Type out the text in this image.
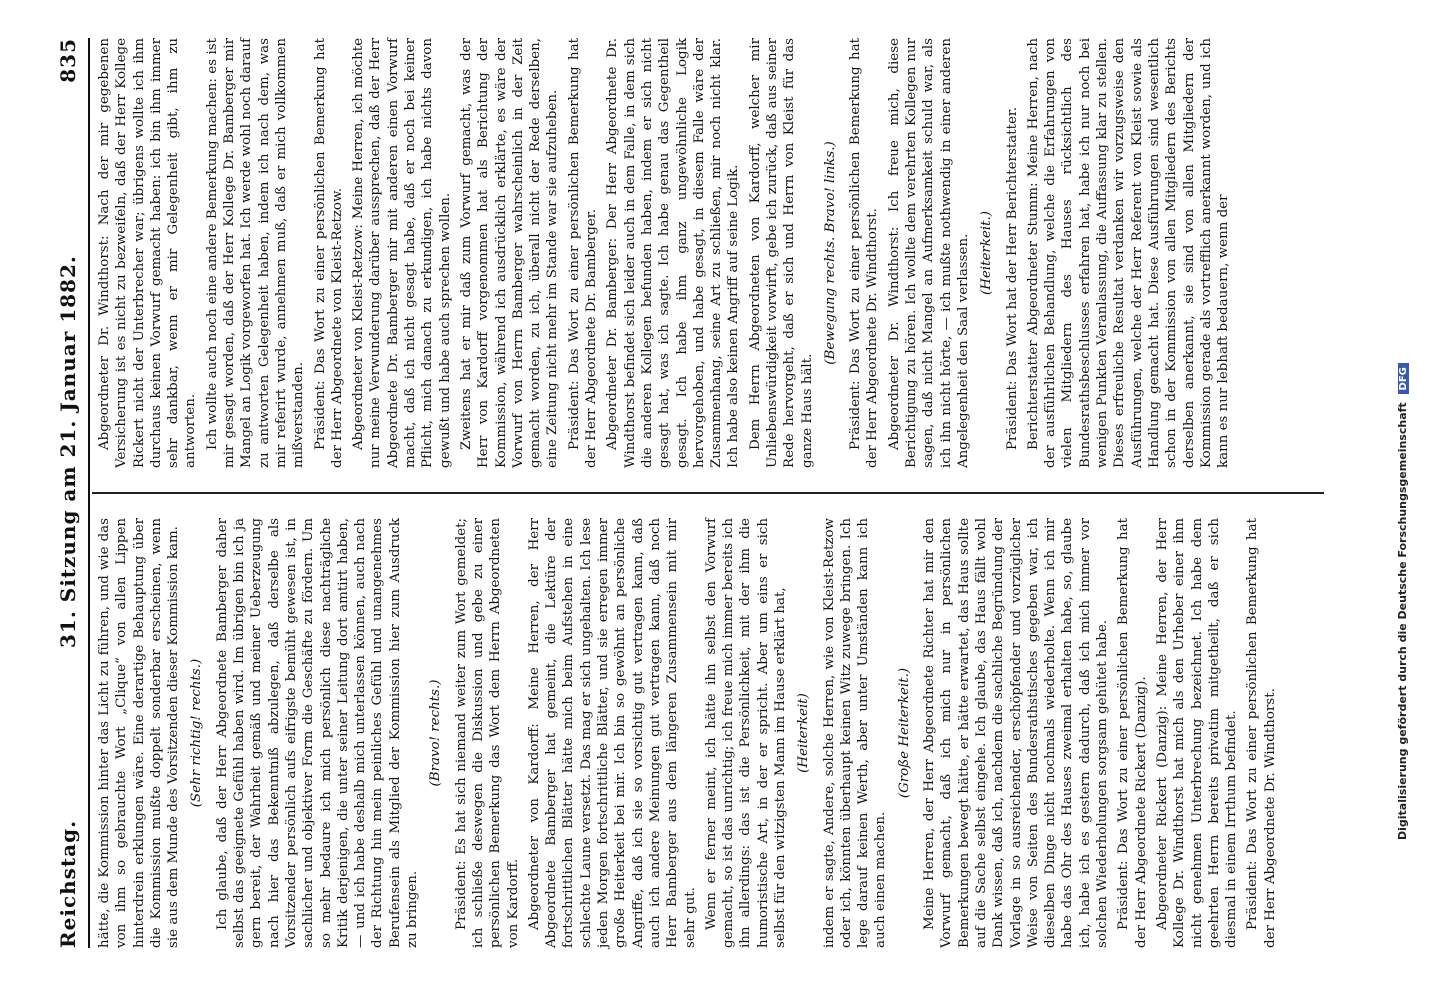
Reichstag.
31. Sitzung am 21. Januar 1882.
835

hätte, die Kommission hinter das Licht zu führen, und wie das von ihm so gebrauchte Wort „Clique“ von allen Lippen hinterdrein erklungen wäre. Eine derartige Behauptung über die Kommission mußte doppelt sonderbar erscheinen, wenn sie aus dem Munde des Vorsitzenden dieser Kommission kam. (Sehr richtig! rechts.) Ich glaube, daß der Herr Abgeordnete Bamberger daher selbst das geeignete Gefühl haben wird. Im übrigen bin ich ja gern bereit, der Wahrheit gemäß und meiner Ueberzeugung nach hier das Bekenntniß abzulegen, daß derselbe als Vorsitzender persönlich aufs eifrigste bemüht gewesen ist, in sachlicher und objektiver Form die Geschäfte zu fördern. Um so mehr bedaure ich mich persönlich diese nachträgliche Kritik derjenigen, die unter seiner Leitung dort amtirt haben, — und ich habe deshalb mich unterlassen können, auch nach der Richtung hin mein peinliches Gefühl und unangenehmes Berufensein als Mitglied der Kommission hier zum Ausdruck zu bringen.

(Bravo! rechts.) Präsident: Es hat sich niemand weiter zum Wort gemeldet; ich schließe deswegen die Diskussion und gebe zu einer persönlichen Bemerkung das Wort dem Herrn Abgeordneten von Kardorff. Abgeordneter von Kardorff: Meine Herren, der Herr Abgeordnete Bamberger hat gemeint, die Lektüre der fortschrittlichen Blätter hätte mich beim Aufstehen in eine schlechte Laune versetzt. Das mag er sich ungehalten. Ich lese jeden Morgen fortschrittliche Blätter, und sie erregen immer große Heiterkeit bei mir. Ich bin so gewöhnt an persönliche Angriffe, daß ich sie so vorsichtig gut vertragen kann, daß auch ich andere Meinungen gut vertragen kann, daß noch Herr Bamberger aus dem längeren Zusammensein mit mir sehr gut. Wenn er ferner meint, ich hätte ihn selbst den Vorwurf gemacht, so ist das unrichtig; ich freue mich immer bereits ich ihn allerdings: das ist die Persönlichkeit, mit der ihm die humoristische Art, in der er spricht. Aber um eins er sich selbst für den witzigsten Mann im Hause erklärt hat, (Heiterkeit) indem er sagte, Andere, solche Herren, wie von Kleist-Retzow oder ich, könnten überhaupt keinen Witz zuwege bringen. Ich lege darauf keinen Werth, aber unter Umständen kann ich auch einen machen.

(Große Heiterkeit.) Meine Herren, der Herr Abgeordnete Richter hat mir den Vorwurf gemacht, daß ich mich nur in persönlichen Bemerkungen bewegt hätte, er hätte erwartet, das Haus sollte auf die Sache selbst eingehe. Ich glaube, das Haus fällt wohl Dank wissen, daß ich, nachdem die sachliche Begründung der Vorlage in so ausreichender, erschöpfender und vorzüglicher Weise von Seiten des Bundesrathstisches gegeben war, ich dieselben Dinge nicht nochmals wiederholte. Wenn ich mir habe das Ohr des Hauses zweimal erhalten habe, so, glaube ich, habe ich es gestern dadurch, daß ich mich immer vor solchen Wiederholungen sorgsam gehütet habe. Präsident: Das Wort zu einer persönlichen Bemerkung hat der Herr Abgeordnete Rickert (Danzig). Abgeordneter Rickert (Danzig): Meine Herren, der Herr Kollege Dr. Windthorst hat mich als den Urheber einer ihm nicht genehmen Unterbrechung bezeichnet. Ich habe dem geehrten Herrn bereits privatim mitgetheilt, daß er sich diesmal in einem Irrthum befindet. Präsident: Das Wort zu einer persönlichen Bemerkung hat der Herr Abgeordnete Dr. Windthorst.

Abgeordneter Dr. Windthorst: Nach der mir gegebenen Versicherung ist es nicht zu bezweifeln, daß der Herr Kollege Rickert nicht der Unterbrecher war; übrigens wollte ich ihm durchaus keinen Vorwurf gemacht haben: ich bin ihm immer sehr dankbar, wenn er mir Gelegenheit gibt, ihm zu antworten. Ich wollte auch noch eine andere Bemerkung machen: es ist mir gesagt worden, daß der Herr Kollege Dr. Bamberger mir Mangel an Logik vorgeworfen hat. Ich werde wohl noch darauf zu antworten Gelegenheit haben, indem ich nach dem, was mir referirt wurde, annehmen muß, daß er mich vollkommen mißverstanden. Präsident: Das Wort zu einer persönlichen Bemerkung hat der Herr Abgeordnete von Kleist-Retzow. Abgeordneter von Kleist-Retzow: Meine Herren, ich möchte nur meine Verwunderung darüber aussprechen, daß der Herr Abgeordnete Dr. Bamberger mir mit anderen einen Vorwurf macht, daß ich nicht gesagt habe, daß er noch bei keiner Pflicht, mich danach zu erkundigen, ich habe nichts davon gewußt und habe auch sprechen wollen. Zweitens hat er mir daß zum Vorwurf gemacht, was der Herr von Kardorff vorgenommen hat als Berichtung der Kommission, während ich ausdrücklich erklärte, es wäre der Vorwurf von Herrn Bamberger wahrscheinlich in der Zeit gemacht worden, zu ich, überall nicht der Rede derselben, eine Zeitung nicht mehr im Stande war sie aufzuheben. Präsident: Das Wort zu einer persönlichen Bemerkung hat der Herr Abgeordnete Dr. Bamberger. Abgeordneter Dr. Bamberger: Der Herr Abgeordnete Dr. Windthorst befindet sich leider auch in dem Falle, in dem sich die anderen Kollegen befunden haben, indem er sich nicht gesagt hat, was ich sagte. Ich habe genau das Gegentheil gesagt. Ich habe ihm ganz ungewöhnliche Logik hervorgehoben, und habe gesagt, in diesem Falle wäre der Zusammenhang, seine Art zu schließen, mir noch nicht klar. Ich habe also keinen Angriff auf seine Logik. Dem Herrn Abgeordneten von Kardorff, welcher mir Unliebenswürdigkeit vorwirft, gebe ich zurück, daß aus seiner Rede hervorgeht, daß er sich und Herrn von Kleist für das ganze Haus hält.

(Bewegung rechts. Bravo! links.) Präsident: Das Wort zu einer persönlichen Bemerkung hat der Herr Abgeordnete Dr. Windthorst. Abgeordneter Dr. Windthorst: Ich freue mich, diese Berichtigung zu hören. Ich wollte dem verehrten Kollegen nur sagen, daß nicht Mangel an Aufmerksamkeit schuld war, als ich ihn nicht hörte, — ich mußte nothwendig in einer anderen Angelegenheit den Saal verlassen. (Heiterkeit.) Präsident: Das Wort hat der Herr Berichterstatter. Berichterstatter Abgeordneter Stumm: Meine Herren, nach der ausführlichen Behandlung, welche die Erfahrungen von vielen Mitgliedern des Hauses rücksichtlich des Bundesrathsbeschlusses erfahren hat, habe ich nur noch bei wenigen Punkten Veranlassung, die Auffassung klar zu stellen. Dieses erfreuliche Resultat verdanken wir vorzugsweise den Ausführungen, welche der Herr Referent von Kleist sowie als Handlung gemacht hat. Diese Ausführungen sind wesentlich schon in der Kommission von allen Mitgliedern des Berichts derselben anerkannt, sie sind von allen Mitgliedern der Kommission gerade als vortrefflich anerkannt worden, und ich kann es nur lebhaft bedauern, wenn der

Digitalisierung gefördert durch die Deutsche Forschungsgemeinschaft DFG
